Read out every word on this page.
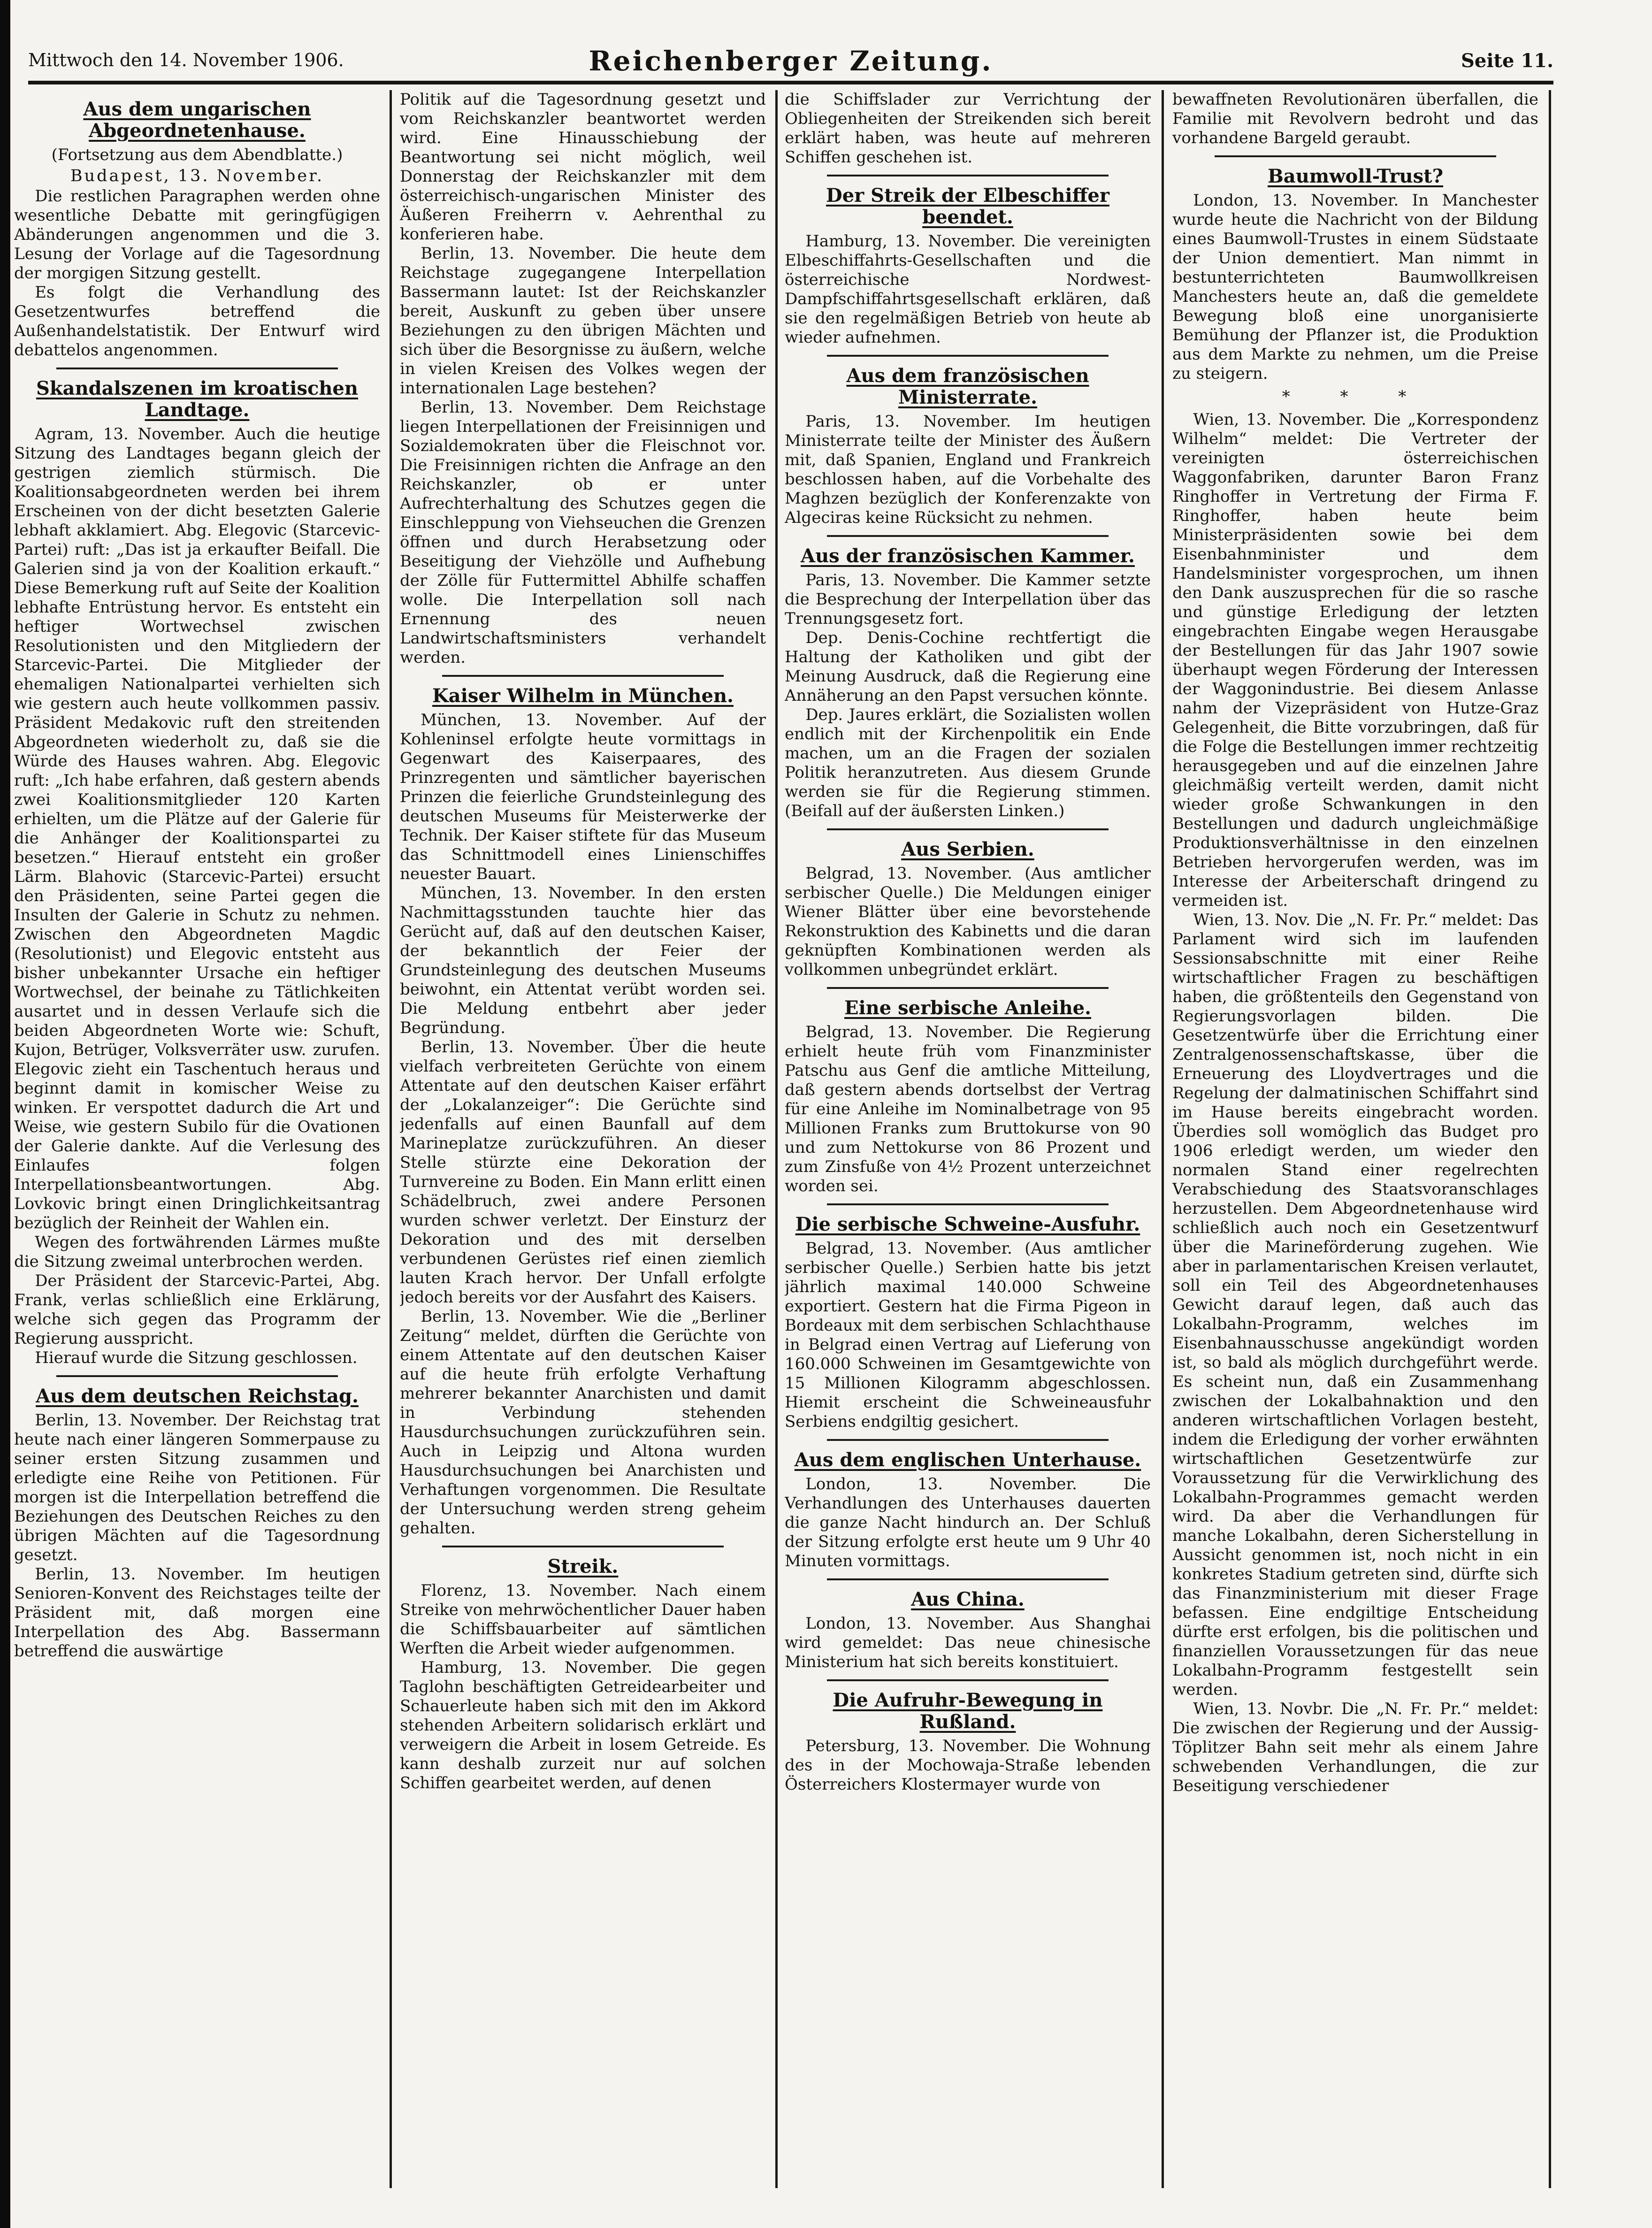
Mittwoch den 14. November 1906.	Reichenberger Zeitung.	Seite 11.
Aus dem ungarischen Abgeordnetenhause.
(Fortsetzung aus dem Abendblatte.)
Budapest, 13. November.

Die restlichen Paragraphen werden ohne wesentliche Debatte mit geringfügigen Abänderungen angenommen und die 3. Lesung der Vorlage auf die Tagesordnung der morgigen Sitzung gestellt.

Es folgt die Verhandlung des Gesetzentwurfes betreffend die Außenhandelstatistik. Der Entwurf wird debattelos angenommen.

Skandalszenen im kroatischen Landtage.

Agram, 13. November. Auch die heutige Sitzung des Landtages begann gleich der gestrigen ziemlich stürmisch. Die Koalitionsabgeordneten werden bei ihrem Erscheinen von der dicht besetzten Galerie lebhaft akklamiert. Abg. Elegovic (Starcevic-Partei) ruft: „Das ist ja erkaufter Beifall. Die Galerien sind ja von der Koalition erkauft.“ Diese Bemerkung ruft auf Seite der Koalition lebhafte Entrüstung hervor. Es entsteht ein heftiger Wortwechsel zwischen Resolutionisten und den Mitgliedern der Starcevic-Partei. Die Mitglieder der ehemaligen Nationalpartei verhielten sich wie gestern auch heute vollkommen passiv. Präsident Medakovic ruft den streitenden Abgeordneten wiederholt zu, daß sie die Würde des Hauses wahren. Abg. Elegovic ruft: „Ich habe erfahren, daß gestern abends zwei Koalitionsmitglieder 120 Karten erhielten, um die Plätze auf der Galerie für die Anhänger der Koalitionspartei zu besetzen.“ Hierauf entsteht ein großer Lärm. Blahovic (Starcevic-Partei) ersucht den Präsidenten, seine Partei gegen die Insulten der Galerie in Schutz zu nehmen. Zwischen den Abgeordneten Magdic (Resolutionist) und Elegovic entsteht aus bisher unbekannter Ursache ein heftiger Wortwechsel, der beinahe zu Tätlichkeiten ausartet und in dessen Verlaufe sich die beiden Abgeordneten Worte wie: Schuft, Kujon, Betrüger, Volksverräter usw. zurufen. Elegovic zieht ein Taschentuch heraus und beginnt damit in komischer Weise zu winken. Er verspottet dadurch die Art und Weise, wie gestern Subilo für die Ovationen der Galerie dankte. Auf die Verlesung des Einlaufes folgen Interpellationsbeantwortungen. Abg. Lovkovic bringt einen Dringlichkeitsantrag bezüglich der Reinheit der Wahlen ein.

Wegen des fortwährenden Lärmes mußte die Sitzung zweimal unterbrochen werden.

Der Präsident der Starcevic-Partei, Abg. Frank, verlas schließlich eine Erklärung, welche sich gegen das Programm der Regierung ausspricht.

Hierauf wurde die Sitzung geschlossen.

Aus dem deutschen Reichstag.

Berlin, 13. November. Der Reichstag trat heute nach einer längeren Sommerpause zu seiner ersten Sitzung zusammen und erledigte eine Reihe von Petitionen. Für morgen ist die Interpellation betreffend die Beziehungen des Deutschen Reiches zu den übrigen Mächten auf die Tagesordnung gesetzt.

Berlin, 13. November. Im heutigen Senioren-Konvent des Reichstages teilte der Präsident mit, daß morgen eine Interpellation des Abg. Bassermann betreffend die auswärtige

Politik auf die Tagesordnung gesetzt und vom Reichskanzler beantwortet werden wird. Eine Hinausschiebung der Beantwortung sei nicht möglich, weil Donnerstag der Reichskanzler mit dem österreichisch-ungarischen Minister des Äußeren Freiherrn v. Aehrenthal zu konferieren habe.

Berlin, 13. November. Die heute dem Reichstage zugegangene Interpellation Bassermann lautet: Ist der Reichskanzler bereit, Auskunft zu geben über unsere Beziehungen zu den übrigen Mächten und sich über die Besorgnisse zu äußern, welche in vielen Kreisen des Volkes wegen der internationalen Lage bestehen?

Berlin, 13. November. Dem Reichstage liegen Interpellationen der Freisinnigen und Sozialdemokraten über die Fleischnot vor. Die Freisinnigen richten die Anfrage an den Reichskanzler, ob er unter Aufrechterhaltung des Schutzes gegen die Einschleppung von Viehseuchen die Grenzen öffnen und durch Herabsetzung oder Beseitigung der Viehzölle und Aufhebung der Zölle für Futtermittel Abhilfe schaffen wolle. Die Interpellation soll nach Ernennung des neuen Landwirtschaftsministers verhandelt werden.

Kaiser Wilhelm in München.

München, 13. November. Auf der Kohleninsel erfolgte heute vormittags in Gegenwart des Kaiserpaares, des Prinzregenten und sämtlicher bayerischen Prinzen die feierliche Grundsteinlegung des deutschen Museums für Meisterwerke der Technik. Der Kaiser stiftete für das Museum das Schnittmodell eines Linienschiffes neuester Bauart.

München, 13. November. In den ersten Nachmittagsstunden tauchte hier das Gerücht auf, daß auf den deutschen Kaiser, der bekanntlich der Feier der Grundsteinlegung des deutschen Museums beiwohnt, ein Attentat verübt worden sei. Die Meldung entbehrt aber jeder Begründung.

Berlin, 13. November. Über die heute vielfach verbreiteten Gerüchte von einem Attentate auf den deutschen Kaiser erfährt der „Lokalanzeiger“: Die Gerüchte sind jedenfalls auf einen Baunfall auf dem Marineplatze zurückzuführen. An dieser Stelle stürzte eine Dekoration der Turnvereine zu Boden. Ein Mann erlitt einen Schädelbruch, zwei andere Personen wurden schwer verletzt. Der Einsturz der Dekoration und des mit derselben verbundenen Gerüstes rief einen ziemlich lauten Krach hervor. Der Unfall erfolgte jedoch bereits vor der Ausfahrt des Kaisers.

Berlin, 13. November. Wie die „Berliner Zeitung“ meldet, dürften die Gerüchte von einem Attentate auf den deutschen Kaiser auf die heute früh erfolgte Verhaftung mehrerer bekannter Anarchisten und damit in Verbindung stehenden Hausdurchsuchungen zurückzuführen sein. Auch in Leipzig und Altona wurden Hausdurchsuchungen bei Anarchisten und Verhaftungen vorgenommen. Die Resultate der Untersuchung werden streng geheim gehalten.

Streik.

Florenz, 13. November. Nach einem Streike von mehrwöchentlicher Dauer haben die Schiffsbauarbeiter auf sämtlichen Werften die Arbeit wieder aufgenommen.

Hamburg, 13. November. Die gegen Taglohn beschäftigten Getreidearbeiter und Schauerleute haben sich mit den im Akkord stehenden Arbeitern solidarisch erklärt und verweigern die Arbeit in losem Getreide. Es kann deshalb zurzeit nur auf solchen Schiffen gearbeitet werden, auf denen

die Schiffslader zur Verrichtung der Obliegenheiten der Streikenden sich bereit erklärt haben, was heute auf mehreren Schiffen geschehen ist.

Der Streik der Elbeschiffer beendet.

Hamburg, 13. November. Die vereinigten Elbeschiffahrts-Gesellschaften und die österreichische Nordwest-Dampfschiffahrtsgesellschaft erklären, daß sie den regelmäßigen Betrieb von heute ab wieder aufnehmen.

Aus dem französischen Ministerrate.

Paris, 13. November. Im heutigen Ministerrate teilte der Minister des Äußern mit, daß Spanien, England und Frankreich beschlossen haben, auf die Vorbehalte des Maghzen bezüglich der Konferenzakte von Algeciras keine Rücksicht zu nehmen.

Aus der französischen Kammer.

Paris, 13. November. Die Kammer setzte die Besprechung der Interpellation über das Trennungsgesetz fort.

Dep. Denis-Cochine rechtfertigt die Haltung der Katholiken und gibt der Meinung Ausdruck, daß die Regierung eine Annäherung an den Papst versuchen könnte.

Dep. Jaures erklärt, die Sozialisten wollen endlich mit der Kirchenpolitik ein Ende machen, um an die Fragen der sozialen Politik heranzutreten. Aus diesem Grunde werden sie für die Regierung stimmen. (Beifall auf der äußersten Linken.)

Aus Serbien.

Belgrad, 13. November. (Aus amtlicher serbischer Quelle.) Die Meldungen einiger Wiener Blätter über eine bevorstehende Rekonstruktion des Kabinetts und die daran geknüpften Kombinationen werden als vollkommen unbegründet erklärt.

Eine serbische Anleihe.

Belgrad, 13. November. Die Regierung erhielt heute früh vom Finanzminister Patschu aus Genf die amtliche Mitteilung, daß gestern abends dortselbst der Vertrag für eine Anleihe im Nominalbetrage von 95 Millionen Franks zum Bruttokurse von 90 und zum Nettokurse von 86 Prozent und zum Zinsfuße von 4½ Prozent unterzeichnet worden sei.

Die serbische Schweine-Ausfuhr.

Belgrad, 13. November. (Aus amtlicher serbischer Quelle.) Serbien hatte bis jetzt jährlich maximal 140.000 Schweine exportiert. Gestern hat die Firma Pigeon in Bordeaux mit dem serbischen Schlachthause in Belgrad einen Vertrag auf Lieferung von 160.000 Schweinen im Gesamtgewichte von 15 Millionen Kilogramm abgeschlossen. Hiemit erscheint die Schweineausfuhr Serbiens endgiltig gesichert.

Aus dem englischen Unterhause.

London, 13. November. Die Verhandlungen des Unterhauses dauerten die ganze Nacht hindurch an. Der Schluß der Sitzung erfolgte erst heute um 9 Uhr 40 Minuten vormittags.

Aus China.

London, 13. November. Aus Shanghai wird gemeldet: Das neue chinesische Ministerium hat sich bereits konstituiert.

Die Aufruhr-Bewegung in Rußland.

Petersburg, 13. November. Die Wohnung des in der Mochowaja-Straße lebenden Österreichers Klostermayer wurde von

bewaffneten Revolutionären überfallen, die Familie mit Revolvern bedroht und das vorhandene Bargeld geraubt.

Baumwoll-Trust?

London, 13. November. In Manchester wurde heute die Nachricht von der Bildung eines Baumwoll-Trustes in einem Südstaate der Union dementiert. Man nimmt in bestunterrichteten Baumwollkreisen Manchesters heute an, daß die gemeldete Bewegung bloß eine unorganisierte Bemühung der Pflanzer ist, die Produktion aus dem Markte zu nehmen, um die Preise zu steigern.

* * *

Wien, 13. November. Die „Korrespondenz Wilhelm“ meldet: Die Vertreter der vereinigten österreichischen Waggonfabriken, darunter Baron Franz Ringhoffer in Vertretung der Firma F. Ringhoffer, haben heute beim Ministerpräsidenten sowie bei dem Eisenbahnminister und dem Handelsminister vorgesprochen, um ihnen den Dank auszusprechen für die so rasche und günstige Erledigung der letzten eingebrachten Eingabe wegen Herausgabe der Bestellungen für das Jahr 1907 sowie überhaupt wegen Förderung der Interessen der Waggonindustrie. Bei diesem Anlasse nahm der Vizepräsident von Hutze-Graz Gelegenheit, die Bitte vorzubringen, daß für die Folge die Bestellungen immer rechtzeitig herausgegeben und auf die einzelnen Jahre gleichmäßig verteilt werden, damit nicht wieder große Schwankungen in den Bestellungen und dadurch ungleichmäßige Produktionsverhältnisse in den einzelnen Betrieben hervorgerufen werden, was im Interesse der Arbeiterschaft dringend zu vermeiden ist.

Wien, 13. Nov. Die „N. Fr. Pr.“ meldet: Das Parlament wird sich im laufenden Sessionsabschnitte mit einer Reihe wirtschaftlicher Fragen zu beschäftigen haben, die größtenteils den Gegenstand von Regierungsvorlagen bilden. Die Gesetzentwürfe über die Errichtung einer Zentralgenossenschaftskasse, über die Erneuerung des Lloydvertrages und die Regelung der dalmatinischen Schiffahrt sind im Hause bereits eingebracht worden. Überdies soll womöglich das Budget pro 1906 erledigt werden, um wieder den normalen Stand einer regelrechten Verabschiedung des Staatsvoranschlages herzustellen. Dem Abgeordnetenhause wird schließlich auch noch ein Gesetzentwurf über die Marineförderung zugehen. Wie aber in parlamentarischen Kreisen verlautet, soll ein Teil des Abgeordnetenhauses Gewicht darauf legen, daß auch das Lokalbahn-Programm, welches im Eisenbahnausschusse angekündigt worden ist, so bald als möglich durchgeführt werde. Es scheint nun, daß ein Zusammenhang zwischen der Lokalbahnaktion und den anderen wirtschaftlichen Vorlagen besteht, indem die Erledigung der vorher erwähnten wirtschaftlichen Gesetzentwürfe zur Voraussetzung für die Verwirklichung des Lokalbahn-Programmes gemacht werden wird. Da aber die Verhandlungen für manche Lokalbahn, deren Sicherstellung in Aussicht genommen ist, noch nicht in ein konkretes Stadium getreten sind, dürfte sich das Finanzministerium mit dieser Frage befassen. Eine endgiltige Entscheidung dürfte erst erfolgen, bis die politischen und finanziellen Voraussetzungen für das neue Lokalbahn-Programm festgestellt sein werden.

Wien, 13. Novbr. Die „N. Fr. Pr.“ meldet: Die zwischen der Regierung und der Aussig-Töplitzer Bahn seit mehr als einem Jahre schwebenden Verhandlungen, die zur Beseitigung verschiedener
